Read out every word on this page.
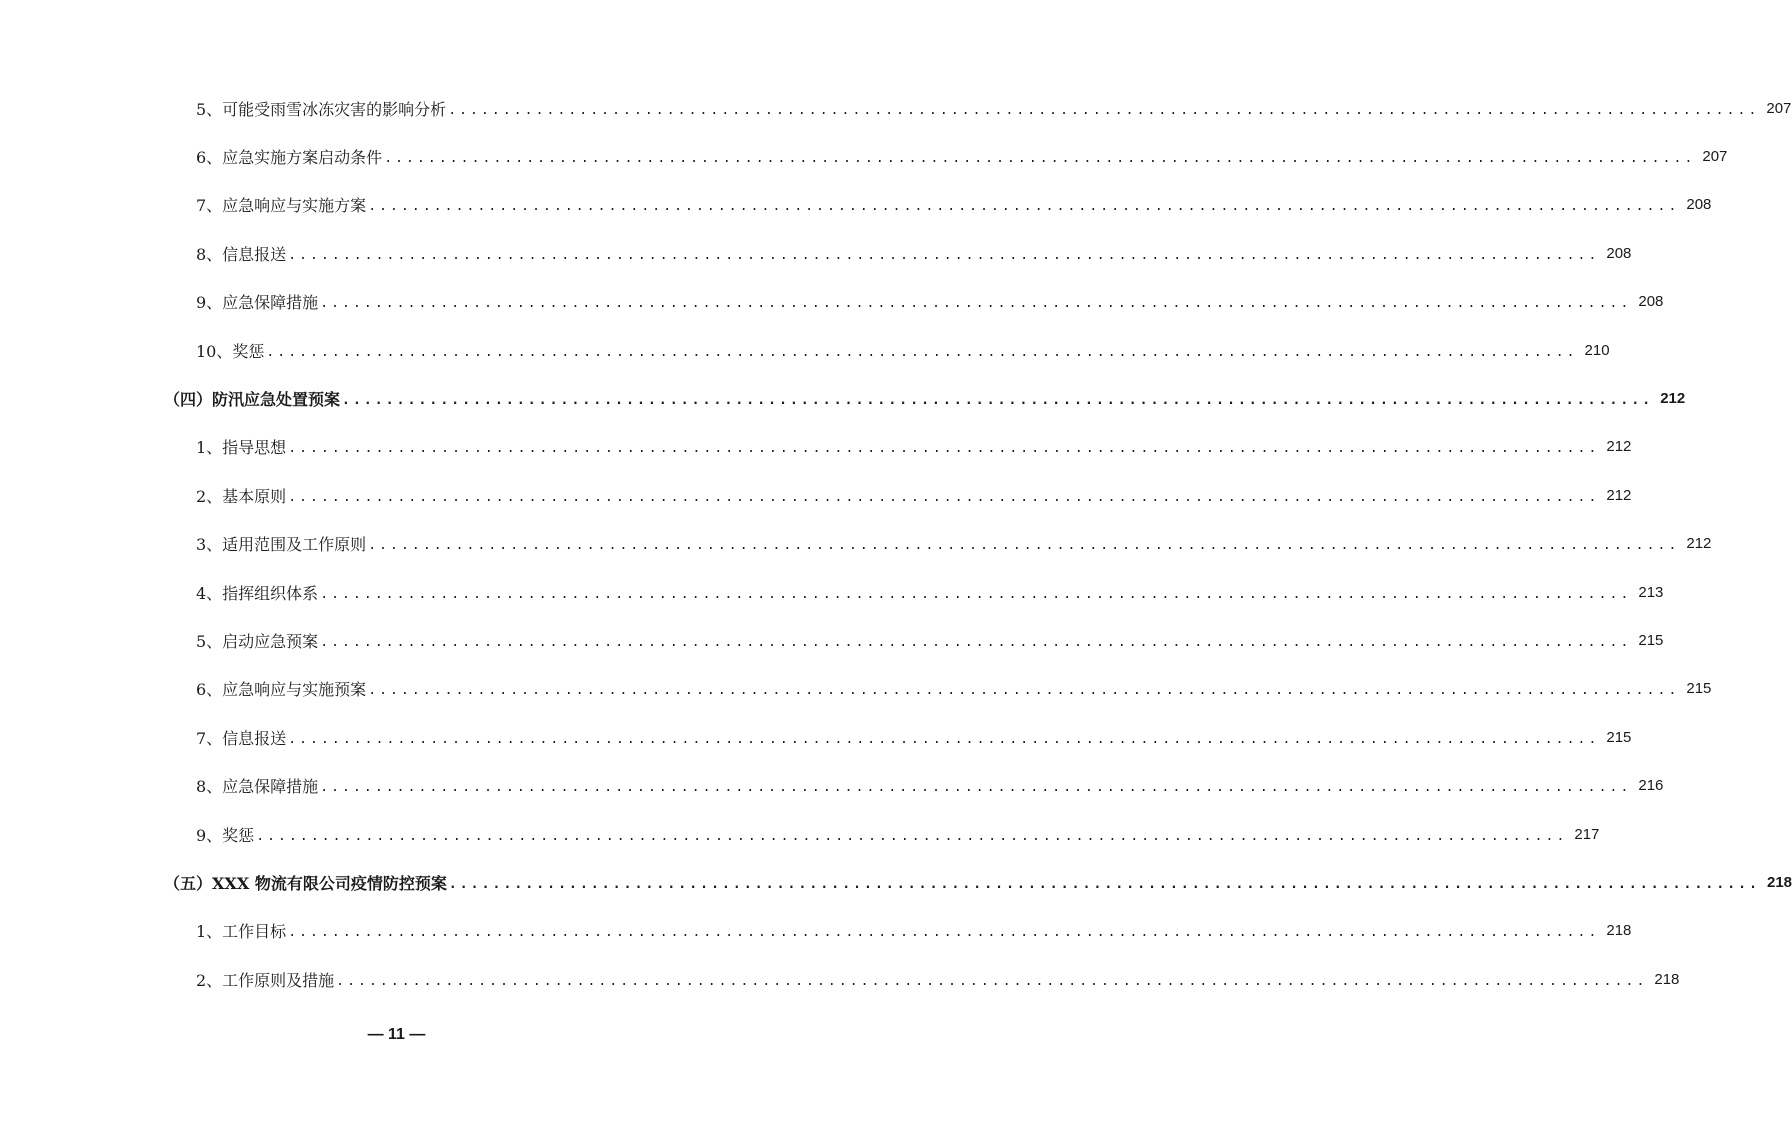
5、可能受雨雪冰冻灾害的影响分析 ........................................................................................................................ 207
6、应急实施方案启动条件 ........................................................................................................................ 207
7、应急响应与实施方案 ........................................................................................................................ 208
8、信息报送 ........................................................................................................................ 208
9、应急保障措施 ........................................................................................................................ 208
10、奖惩 ........................................................................................................................ 210
（四）防汛应急处置预案 ........................................................................................................................ 212
1、指导思想 ........................................................................................................................ 212
2、基本原则 ........................................................................................................................ 212
3、适用范围及工作原则 ........................................................................................................................ 212
4、指挥组织体系 ........................................................................................................................ 213
5、启动应急预案 ........................................................................................................................ 215
6、应急响应与实施预案 ........................................................................................................................ 215
7、信息报送 ........................................................................................................................ 215
8、应急保障措施 ........................................................................................................................ 216
9、奖惩 ........................................................................................................................ 217
（五）XXX 物流有限公司疫情防控预案 ........................................................................................................................ 218
1、工作目标 ........................................................................................................................ 218
2、工作原则及措施 ........................................................................................................................ 218
— 11 —
